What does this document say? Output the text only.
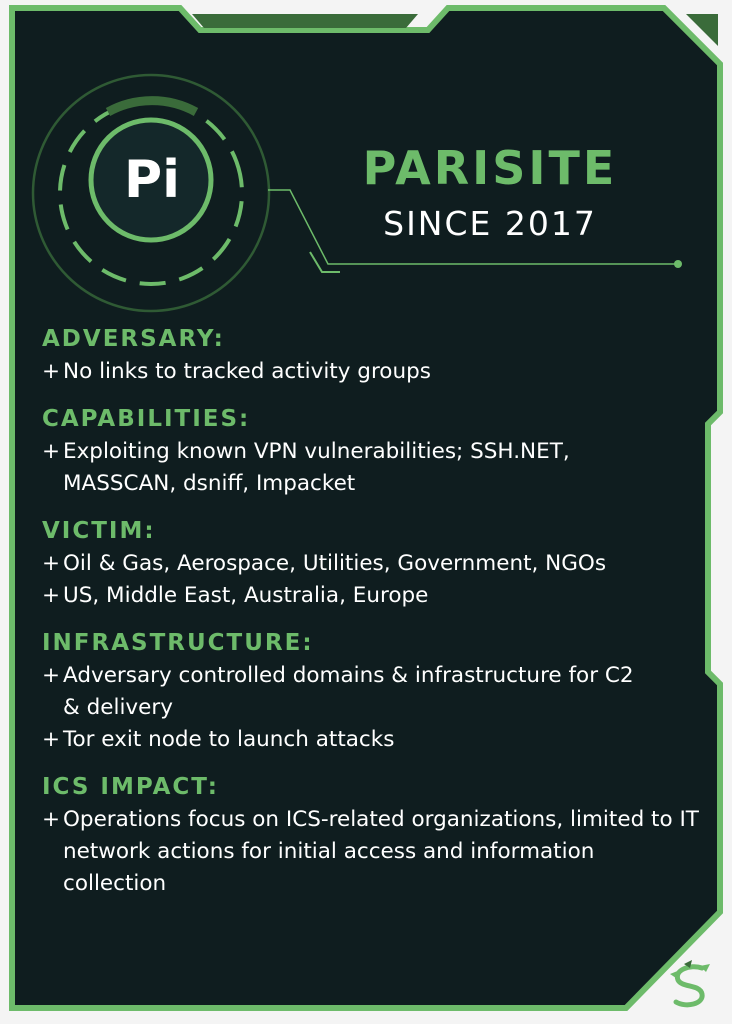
Pi	PARISITE
SINCE 2017
ADVERSARY:
+ No links to tracked activity groups
CAPABILITIES:
+ Exploiting known VPN vulnerabilities; SSH.NET, MASSCAN, dsniff, Impacket
VICTIM:
+ Oil & Gas, Aerospace, Utilities, Government, NGOs
+ US, Middle East, Australia, Europe
INFRASTRUCTURE:
+ Adversary controlled domains & infrastructure for C2 & delivery
+ Tor exit node to launch attacks
ICS IMPACT:
+ Operations focus on ICS-related organizations, limited to IT network actions for initial access and information collection
